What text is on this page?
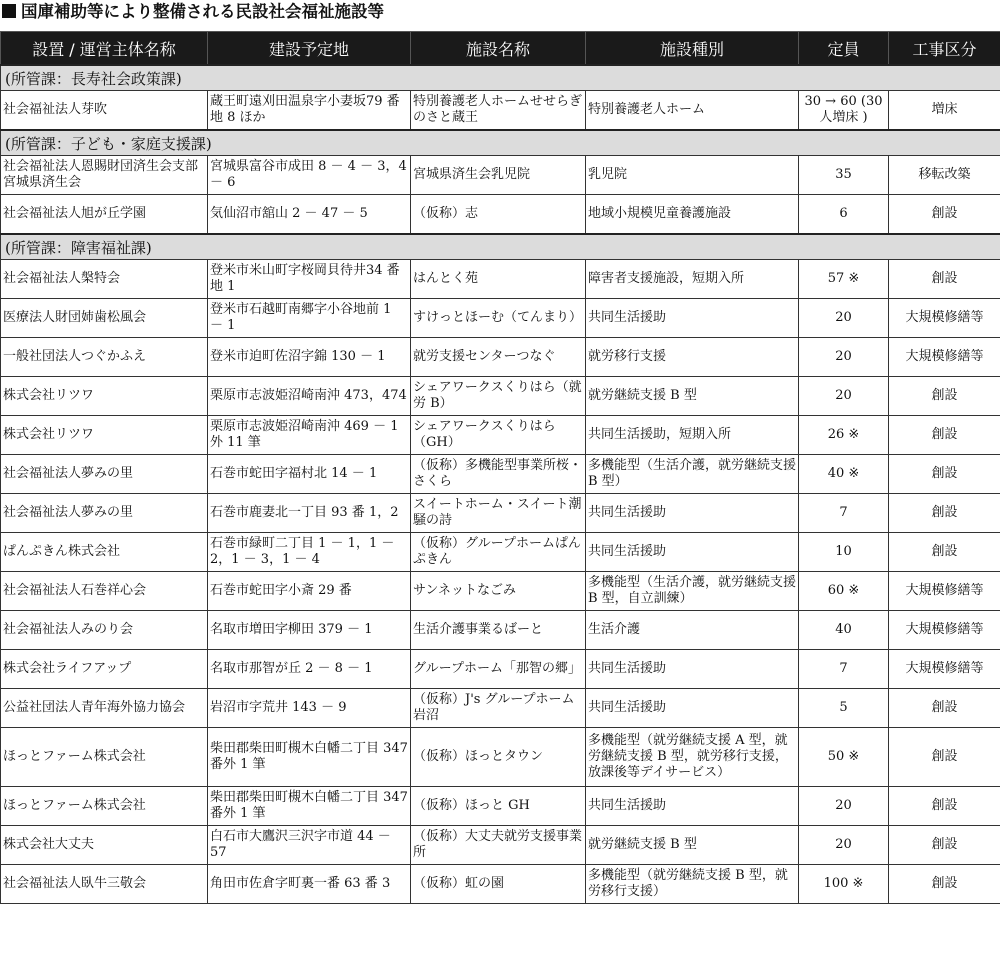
国庫補助等により整備される民設社会福祉施設等
設置 / 運営主体名称	建設予定地	施設名称	施設種別	定員	工事区分
(所管課：長寿社会政策課)					
社会福祉法人芽吹	蔵王町遠刈田温泉字小妻坂79 番地 8 ほか	特別養護老人ホームせせらぎのさと蔵王	特別養護老人ホーム	30 → 60 (30 人増床 )	増床
(所管課：子ども・家庭支援課)					
社会福祉法人恩賜財団済生会支部宮城県済生会	宮城県富谷市成田 8 － 4 － 3，4 － 6	宮城県済生会乳児院	乳児院	35	移転改築
社会福祉法人旭が丘学園	気仙沼市舘山 2 － 47 － 5	（仮称）志	地域小規模児童養護施設	6	創設
(所管課：障害福祉課)					
社会福祉法人槃特会	登米市米山町字桜岡貝待井34 番地 1	はんとく苑	障害者支援施設，短期入所	57 ※	創設
医療法人財団姉歯松風会	登米市石越町南郷字小谷地前 1 － 1	すけっとほーむ（てんまり）	共同生活援助	20	大規模修繕等
一般社団法人つぐかふえ	登米市迫町佐沼字錦 130 － 1	就労支援センターつなぐ	就労移行支援	20	大規模修繕等
株式会社リツワ	栗原市志波姫沼崎南沖 473，474	シェアワークスくりはら（就労 B）	就労継続支援 B 型	20	創設
株式会社リツワ	栗原市志波姫沼崎南沖 469 － 1 外 11 筆	シェアワークスくりはら（GH）	共同生活援助，短期入所	26 ※	創設
社会福祉法人夢みの里	石巻市蛇田字福村北 14 － 1	（仮称）多機能型事業所桜・さくら	多機能型（生活介護，就労継続支援 B 型）	40 ※	創設
社会福祉法人夢みの里	石巻市鹿妻北一丁目 93 番 1，2	スイートホーム・スイート潮騒の詩	共同生活援助	7	創設
ぱんぷきん株式会社	石巻市緑町二丁目 1 － 1，1 － 2，1 － 3，1 － 4	（仮称）グループホームぱんぷきん	共同生活援助	10	創設
社会福祉法人石巻祥心会	石巻市蛇田字小斎 29 番	サンネットなごみ	多機能型（生活介護，就労継続支援 B 型，自立訓練）	60 ※	大規模修繕等
社会福祉法人みのり会	名取市増田字柳田 379 － 1	生活介護事業るばーと	生活介護	40	大規模修繕等
株式会社ライフアップ	名取市那智が丘 2 － 8 － 1	グループホーム「那智の郷」	共同生活援助	7	大規模修繕等
公益社団法人青年海外協力協会	岩沼市字荒井 143 － 9	（仮称）J's グループホーム岩沼	共同生活援助	5	創設
ほっとファーム株式会社	柴田郡柴田町槻木白幡二丁目 347 番外 1 筆	（仮称）ほっとタウン	多機能型（就労継続支援 A 型，就労継続支援 B 型，就労移行支援，放課後等デイサービス）	50 ※	創設
ほっとファーム株式会社	柴田郡柴田町槻木白幡二丁目 347 番外 1 筆	（仮称）ほっと GH	共同生活援助	20	創設
株式会社大丈夫	白石市大鷹沢三沢字市道 44 － 57	（仮称）大丈夫就労支援事業所	就労継続支援 B 型	20	創設
社会福祉法人臥牛三敬会	角田市佐倉字町裏一番 63 番 3	（仮称）虹の園	多機能型（就労継続支援 B 型，就労移行支援）	100 ※	創設
